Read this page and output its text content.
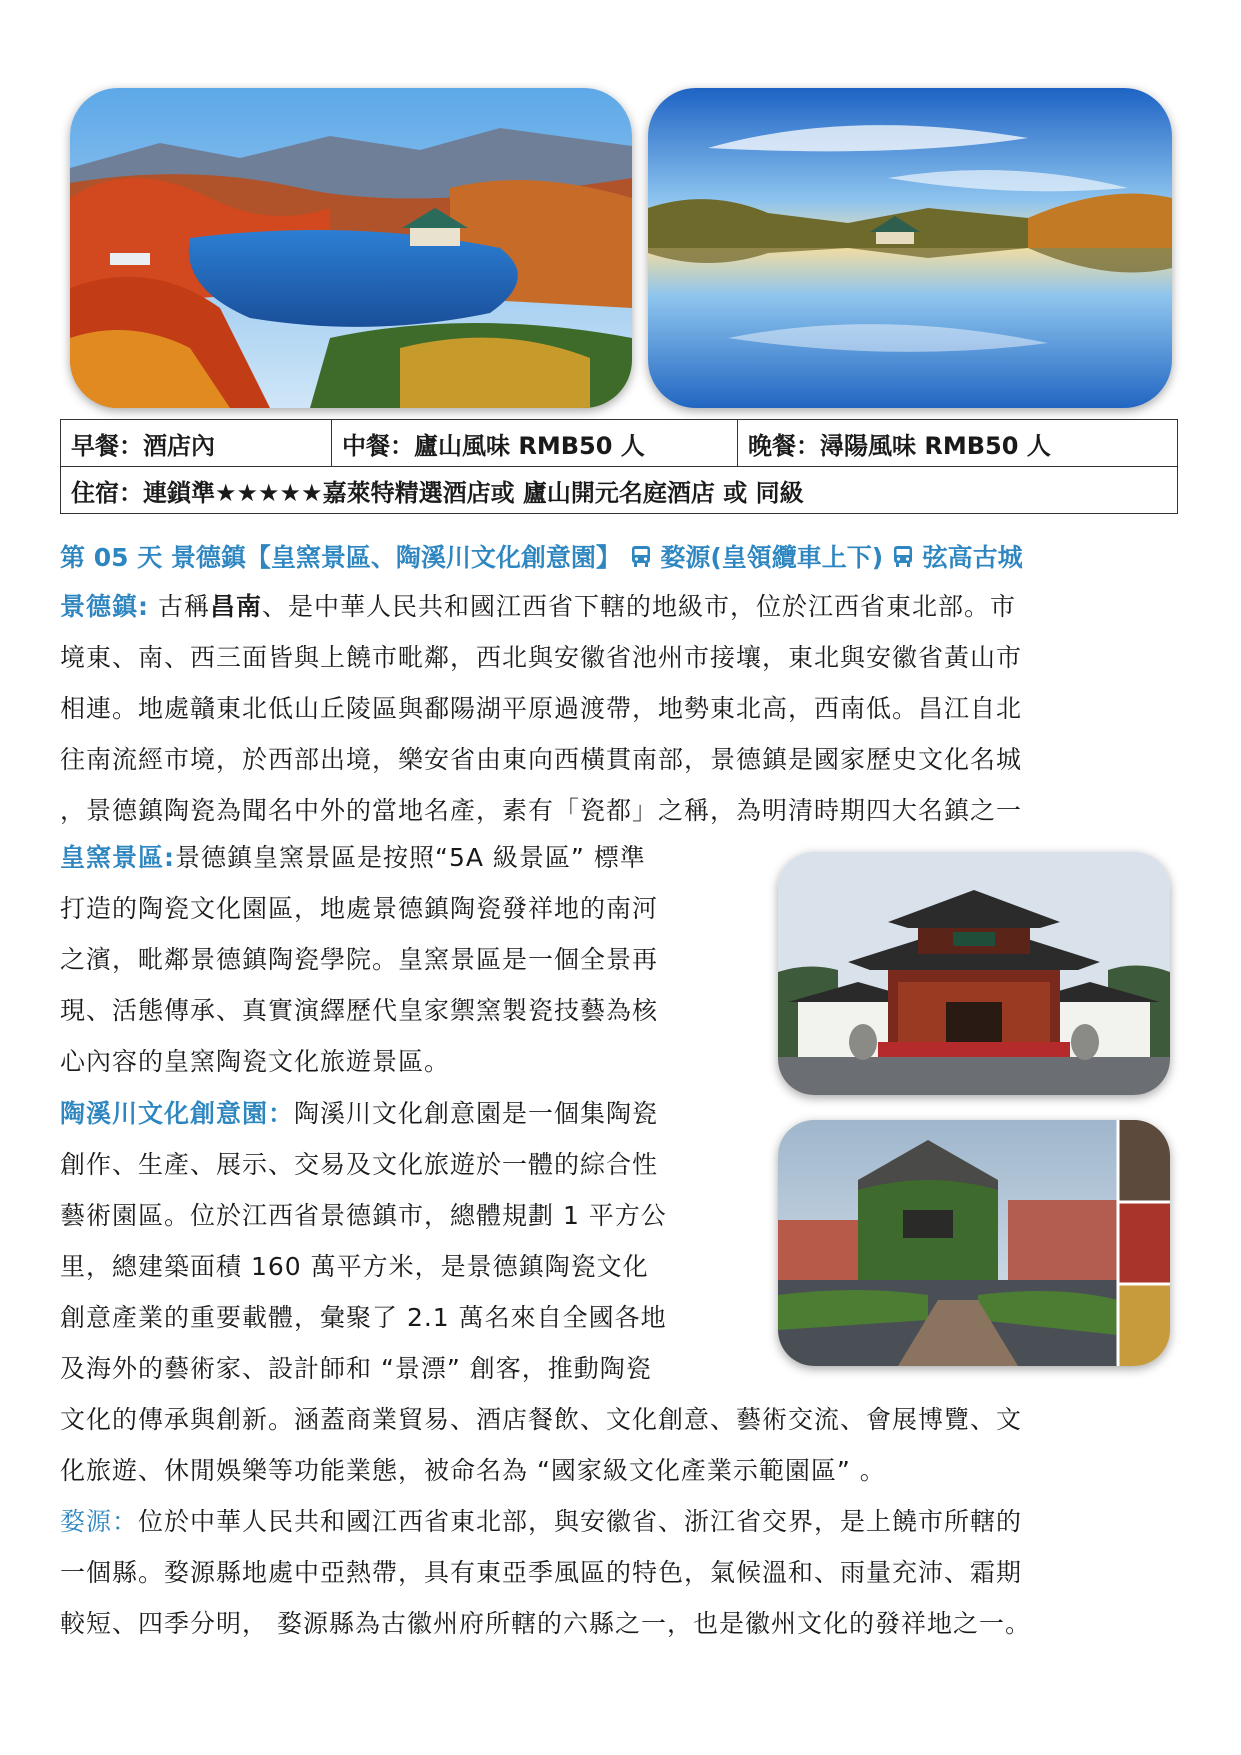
早餐：酒店內	中餐：廬山風味 RMB50 人	晚餐：潯陽風味 RMB50 人
住宿：連鎖準★★★★★嘉萊特精選酒店或 廬山開元名庭酒店 或 同級
第 05 天 景德鎮【皇窯景區、陶溪川文化創意園】  婺源(皇領纜車上下)  弦高古城
景德鎮: 古稱昌南、是中華人民共和國江西省下轄的地級市，位於江西省東北部。市
境東、南、西三面皆與上饒市毗鄰，西北與安徽省池州市接壤，東北與安徽省黃山市
相連。地處贛東北低山丘陵區與鄱陽湖平原過渡帶，地勢東北高，西南低。昌江自北
往南流經市境，於西部出境，樂安省由東向西橫貫南部，景德鎮是國家歷史文化名城
，景德鎮陶瓷為聞名中外的當地名產，素有「瓷都」之稱，為明清時期四大名鎮之一
皇窯景區:景德鎮皇窯景區是按照“5A 級景區” 標準
打造的陶瓷文化園區，地處景德鎮陶瓷發祥地的南河
之濱，毗鄰景德鎮陶瓷學院。皇窯景區是一個全景再
現、活態傳承、真實演繹歷代皇家禦窯製瓷技藝為核
心內容的皇窯陶瓷文化旅遊景區。
陶溪川文化創意園：陶溪川文化創意園是一個集陶瓷
創作、生產、展示、交易及文化旅遊於一體的綜合性
藝術園區。位於江西省景德鎮市，總體規劃 1 平方公
里，總建築面積 160 萬平方米，是景德鎮陶瓷文化
創意產業的重要載體，彙聚了 2.1 萬名來自全國各地
及海外的藝術家、設計師和 “景漂” 創客，推動陶瓷
文化的傳承與創新。涵蓋商業貿易、酒店餐飲、文化創意、藝術交流、會展博覽、文
化旅遊、休閒娛樂等功能業態，被命名為 “國家級文化產業示範園區” 。
婺源：位於中華人民共和國江西省東北部，與安徽省、浙江省交界，是上饒市所轄的
一個縣。婺源縣地處中亞熱帶，具有東亞季風區的特色，氣候溫和、雨量充沛、霜期
較短、四季分明， 婺源縣為古徽州府所轄的六縣之一，也是徽州文化的發祥地之一。
